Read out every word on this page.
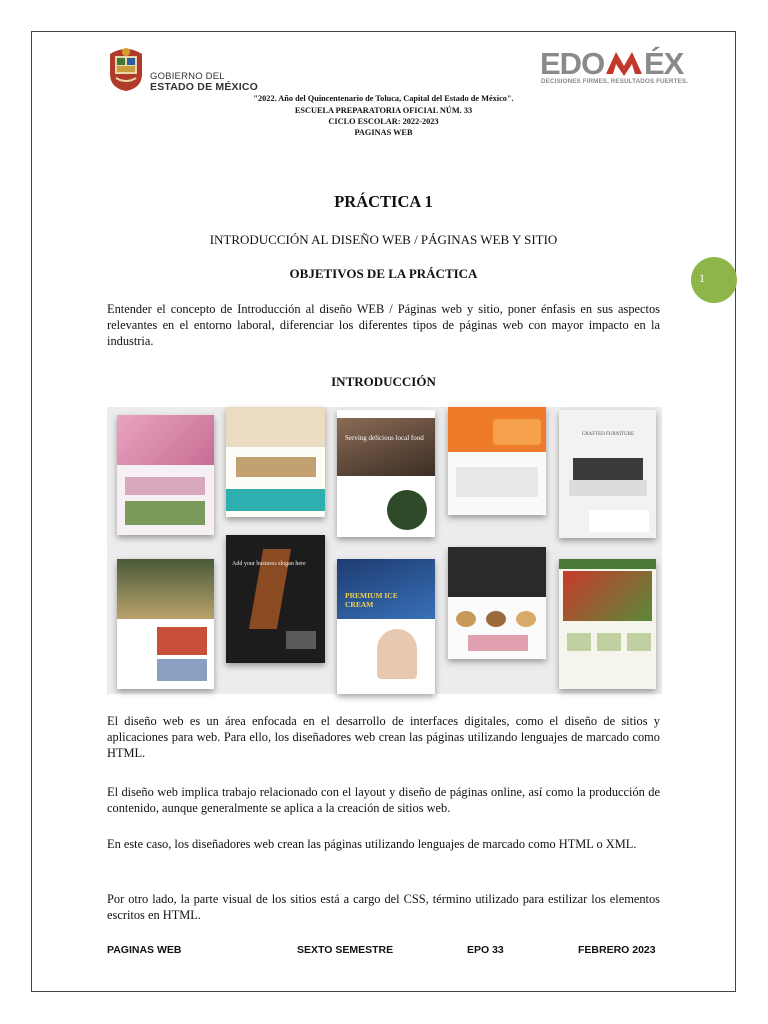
GOBIERNO DEL
ESTADO DE MÉXICO
EDO ÉX
DECISIONES FIRMES, RESULTADOS FUERTES.
"2022. Año del Quincentenario de Toluca, Capital del Estado de México".
ESCUELA PREPARATORIA OFICIAL NÚM. 33
CICLO ESCOLAR: 2022-2023
PAGINAS WEB
PRÁCTICA 1
INTRODUCCIÓN AL DISEÑO WEB / PÁGINAS WEB Y SITIO
OBJETIVOS DE LA PRÁCTICA	1
Entender el concepto de Introducción al diseño WEB / Páginas web y sitio, poner énfasis en sus aspectos relevantes en el entorno laboral, diferenciar los diferentes tipos de páginas web con mayor impacto en la industria.
INTRODUCCIÓN
Serving delicious local food	CRAFTED FURNITURE
Add your business slogan here
PREMIUM ICE CREAM
El diseño web es un área enfocada en el desarrollo de interfaces digitales, como el diseño de sitios y aplicaciones para web. Para ello, los diseñadores web crean las páginas utilizando lenguajes de marcado como HTML.
El diseño web implica trabajo relacionado con el layout y diseño de páginas online, así como la producción de contenido, aunque generalmente se aplica a la creación de sitios web.
En este caso, los diseñadores web crean las páginas utilizando lenguajes de marcado como HTML o XML.
Por otro lado, la parte visual de los sitios está a cargo del CSS, término utilizado para estilizar los elementos escritos en HTML.
PAGINAS WEB	SEXTO SEMESTRE	EPO 33	FEBRERO 2023
